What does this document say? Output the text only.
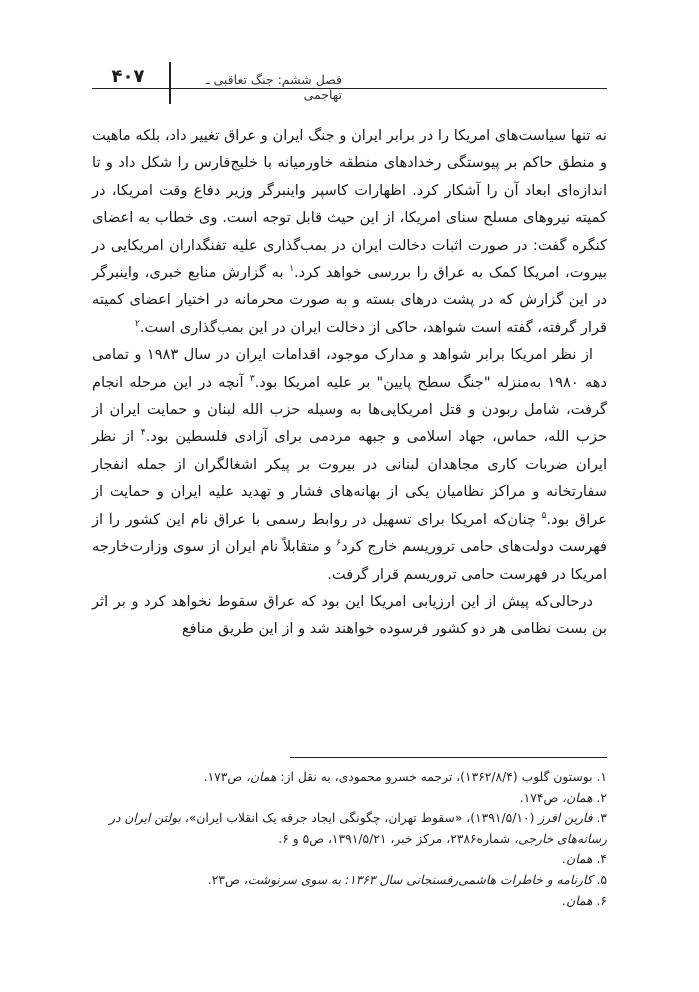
۴۰۷	فصل ششم: جنگ تعاقبی ـ تهاجمی

نه تنها سیاست‌های امریکا را در برابر ایران و جنگ ایران و عراق تغییر داد، بلکه ماهیت و منطق حاکم بر پیوستگی رخدادهای منطقه خاورمیانه با خلیج‌فارس را شکل داد و تا اندازه‌ای ابعاد آن را آشکار کرد. اظهارات کاسپر واینبرگر وزیر دفاع وقت امریکا، در کمیته نیروهای مسلح سنای امریکا، از این حیث قابل توجه است. وی خطاب به اعضای کنگره گفت: در صورت اثبات دخالت ایران در بمب‌گذاری علیه تفنگداران امریکایی در بیروت، امریکا کمک به عراق را بررسی خواهد کرد.$^۱$ به گزارش منابع خبری، واینبرگر در این گزارش که در پشت درهای بسته و به صورت محرمانه در اختیار اعضای کمیته قرار گرفته، گفته است شواهد، حاکی از دخالت ایران در این بمب‌گذاری است.$^۲$

از نظر امریکا برابر شواهد و مدارک موجود، اقدامات ایران در سال ۱۹۸۳ و تمامی دهه ۱۹۸۰ به‌منزله "جنگ سطح پایین" بر علیه امریکا بود.$^۳$ آنچه در این مرحله انجام گرفت، شامل ربودن و قتل امریکایی‌ها به وسیله حزب الله لبنان و حمایت ایران از حزب الله، حماس، جهاد اسلامی و جبهه مردمی برای آزادی فلسطین بود.$^۴$ از نظر ایران ضربات کاری مجاهدان لبنانی در بیروت بر پیکر اشغالگران از جمله انفجار سفارتخانه و مراکز نظامیان یکی از بهانه‌های فشار و تهدید علیه ایران و حمایت از عراق بود.$^۵$ چنان‌که امریکا برای تسهیل در روابط رسمی با عراق نام این کشور را از فهرست دولت‌های حامی تروریسم خارج کرد$^۶$ و متقابلاً نام ایران از سوی وزارت‌خارجه امریکا در فهرست حامی تروریسم قرار گرفت.

درحالی‌که پیش از این ارزیابی امریکا این بود که عراق سقوط نخواهد کرد و بر اثر بن بست نظامی هر دو کشور فرسوده خواهند شد و از این طریق منافع

۱. بوستون گلوب (۱۳۶۲/۸/۴)، ترجمه خسرو محمودی، به نقل از: همان، ص۱۷۳.

۲. همان، ص۱۷۴.

۳. فارین افرز (۱۳۹۱/۵/۱۰)، «سقوط تهران، چگونگی ایجاد جرقه یک انقلاب ایران»، بولتن ایران در رسانه‌های خارجی، شماره۲۳۸۶، مرکز خبر، ۱۳۹۱/۵/۲۱، ص۵ و ۶.

۴. همان.

۵. کارنامه و خاطرات هاشمی‌رفسنجانی سال ۱۳۶۳: به سوی سرنوشت، ص۲۳.

۶. همان.
